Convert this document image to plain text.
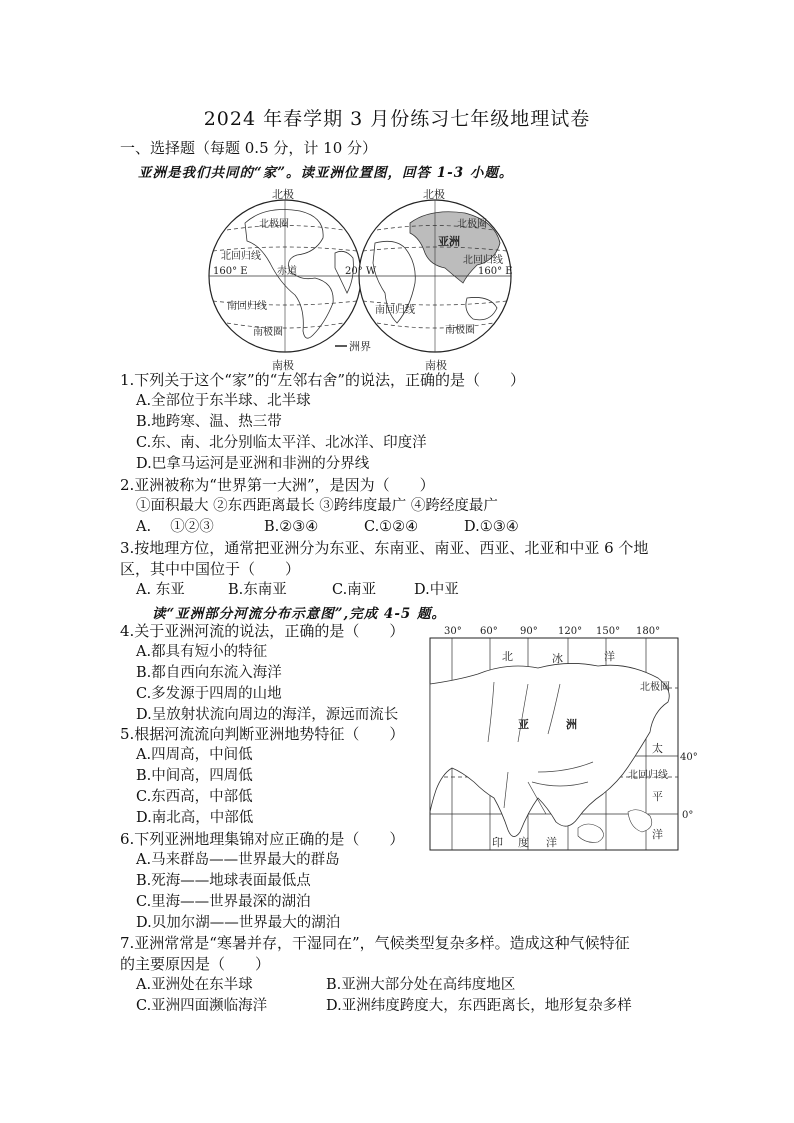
2024 年春学期 3 月份练习七年级地理试卷
一、选择题（每题 0.5 分，计 10 分）
亚洲是我们共同的“家”。读亚洲位置图，回答 1-3 小题。
北极	北极
北极圈	北极圈
北回归线	北回归线
160° E	赤道	20° W	160° E
亚洲
南回归线	南回归线
南极圈	南极圈
洲界
南极	南极
1.下列关于这个“家”的“左邻右舍”的说法，正确的是（　　）
A.全部位于东半球、北半球
B.地跨寒、温、热三带
C.东、南、北分别临太平洋、北冰洋、印度洋
D.巴拿马运河是亚洲和非洲的分界线
2.亚洲被称为“世界第一大洲”，是因为（　　）
①面积最大 ②东西距离最长 ③跨纬度最广 ④跨经度最广
A.　 ①②③	B.②③④	C.①②④	D.①③④
3.按地理方位，通常把亚洲分为东亚、东南亚、南亚、西亚、北亚和中亚 6 个地
区，其中中国位于（　　）
A. 东亚	B.东南亚	C.南亚	D.中亚
读“亚洲部分河流分布示意图”,完成 4-5 题。
4.关于亚洲河流的说法，正确的是（　　）
A.都具有短小的特征
B.都自西向东流入海洋
C.多发源于四周的山地
D.呈放射状流向周边的海洋，源远而流长
5.根据河流流向判断亚洲地势特征（　　）
A.四周高，中间低
B.中间高，四周低
C.东西高，中部低
D.南北高，中部低
30° 60° 90° 120° 150° 180°
北	冰	洋
北极圈
亚	洲
太
40°
北回归线
平
0°
洋
印 度 洋
6.下列亚洲地理集锦对应正确的是（　　）
A.马来群岛——世界最大的群岛
B.死海——地球表面最低点
C.里海——世界最深的湖泊
D.贝加尔湖——世界最大的湖泊
7.亚洲常常是“寒暑并存，干湿同在”，气候类型复杂多样。造成这种气候特征
的主要原因是（　　）
A.亚洲处在东半球	B.亚洲大部分处在高纬度地区
C.亚洲四面濒临海洋	D.亚洲纬度跨度大，东西距离长，地形复杂多样
